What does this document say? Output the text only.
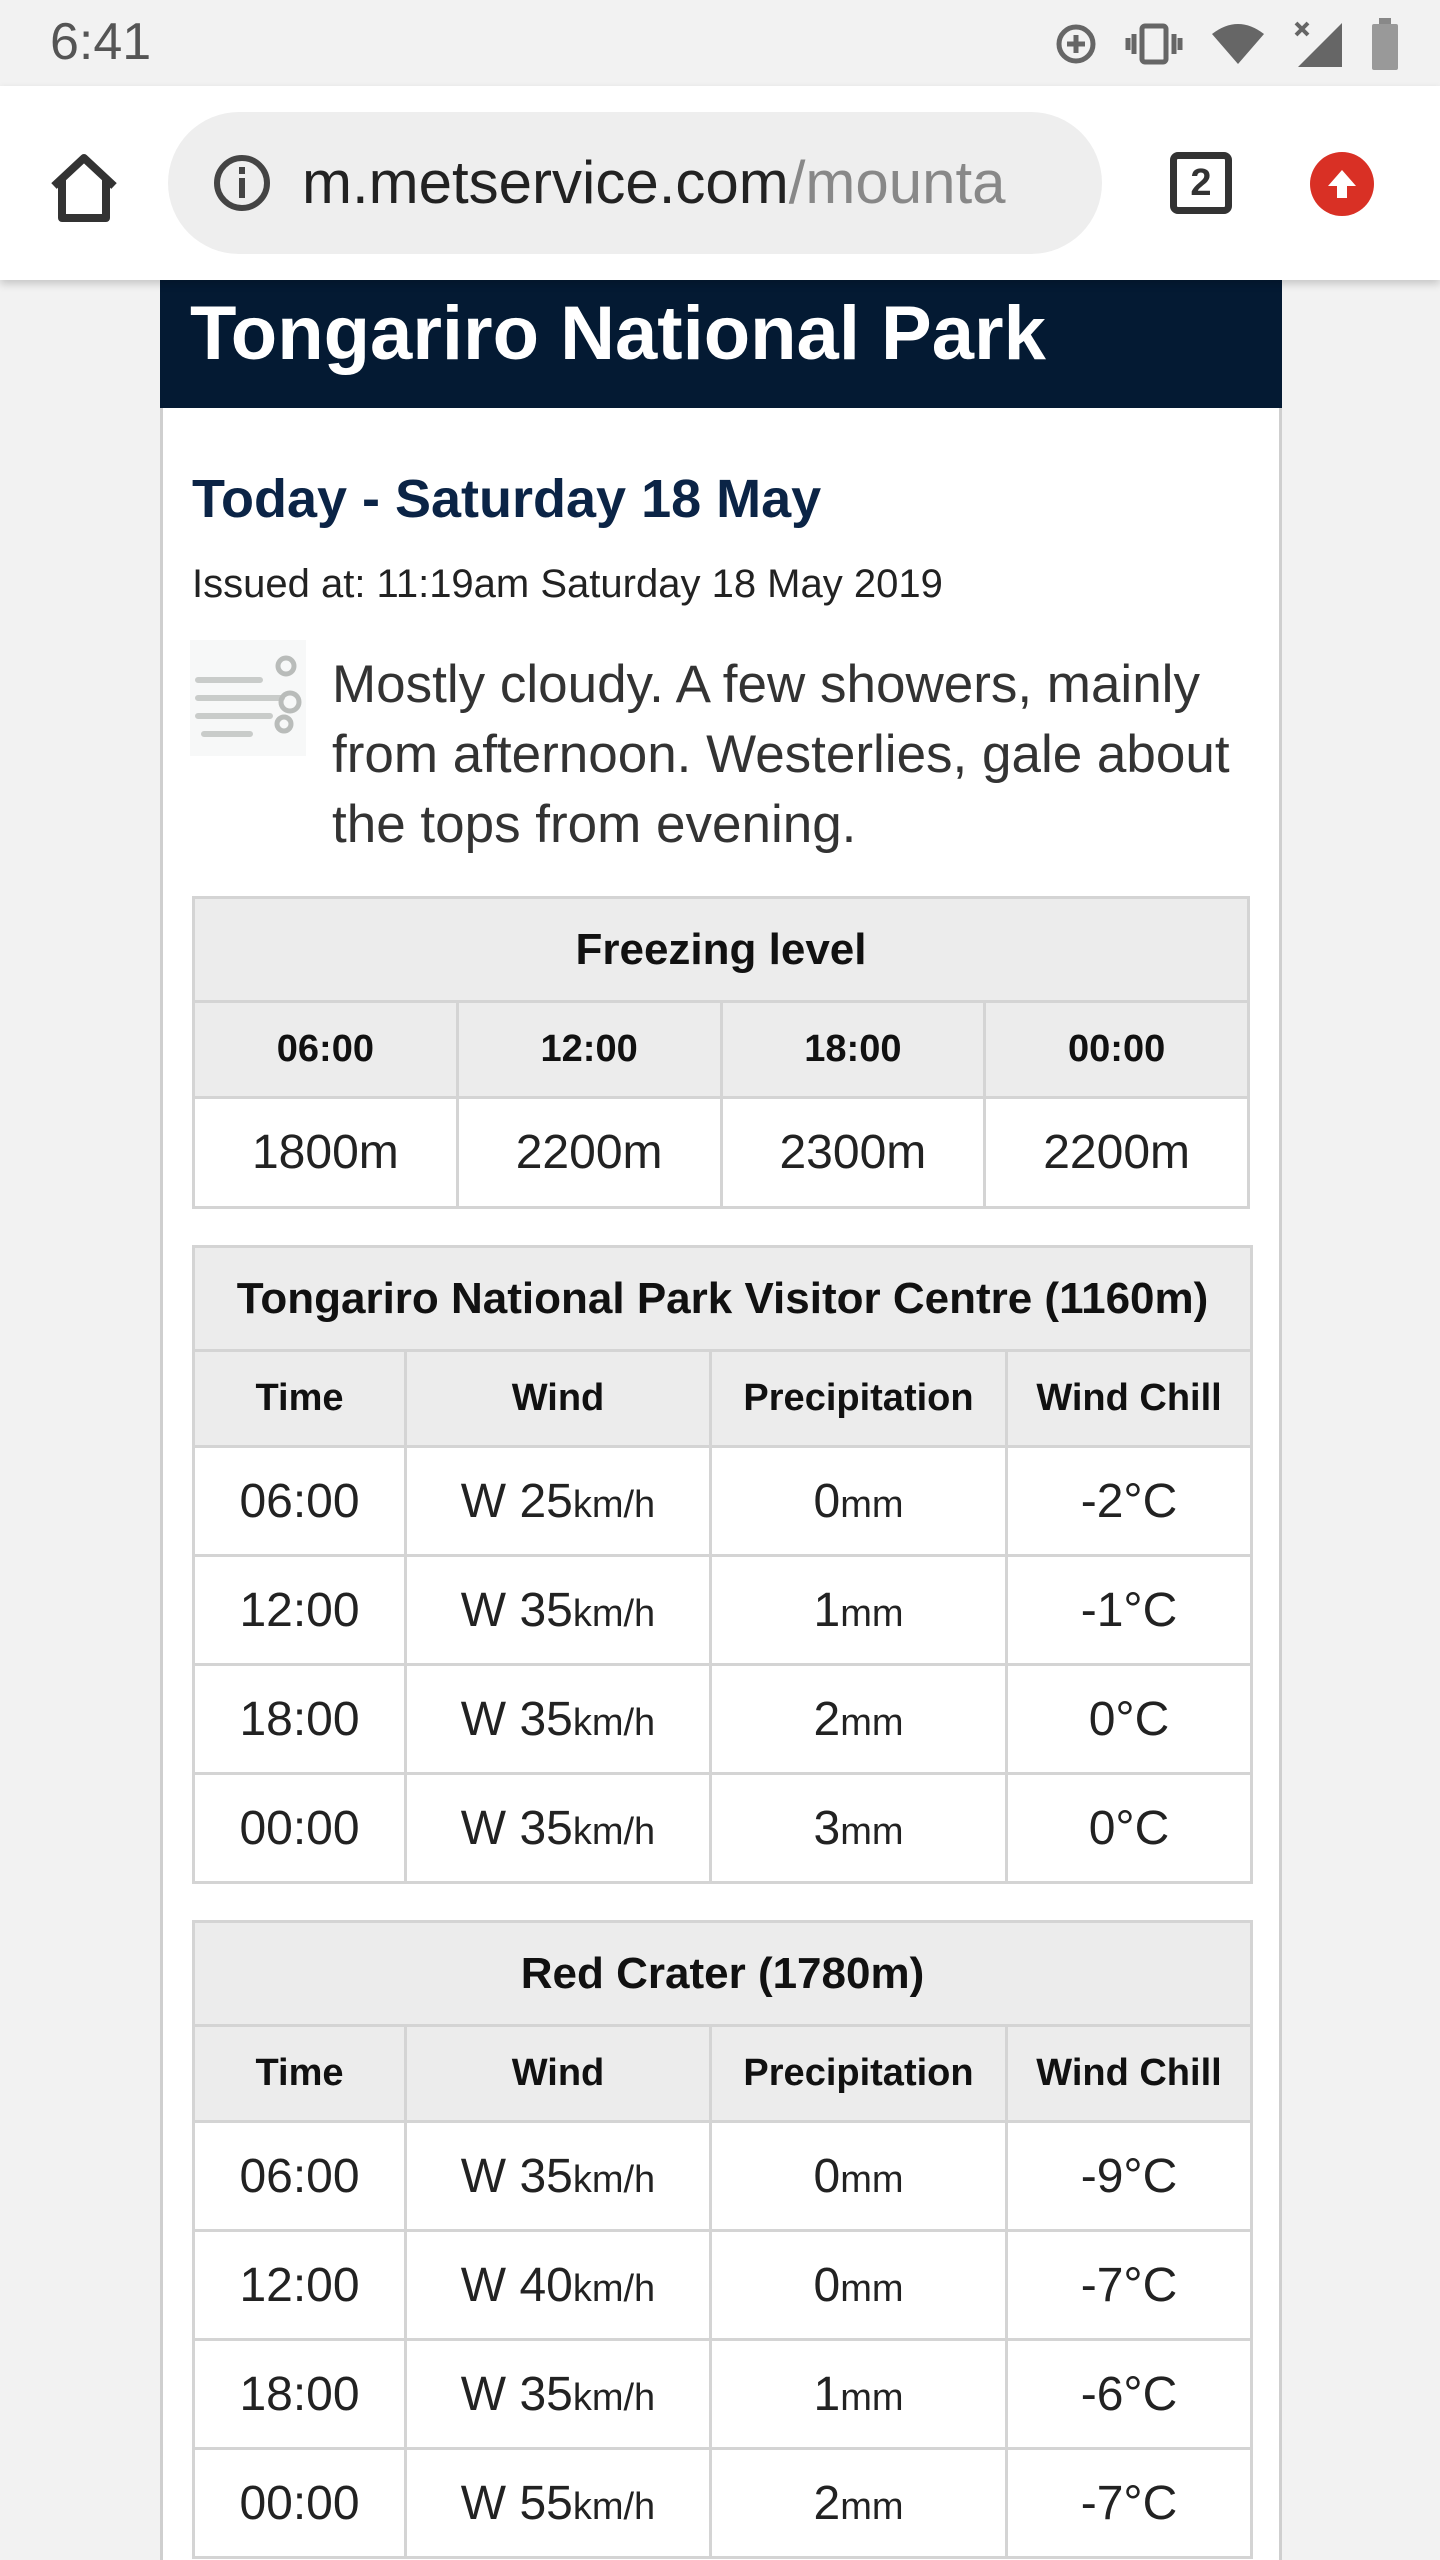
6:41
m.metservice.com/mounta	2
Tongariro National Park
Today - Saturday 18 May
Issued at: 11:19am Saturday 18 May 2019
Mostly cloudy. A few showers, mainly from afternoon. Westerlies, gale about the tops from evening.
Freezing level			
06:00	12:00	18:00	00:00
1800m	2200m	2300m	2200m
Tongariro National Park Visitor Centre (1160m)			
Time	Wind	Precipitation	Wind Chill
06:00	W 25km/h	0mm	-2°C
12:00	W 35km/h	1mm	-1°C
18:00	W 35km/h	2mm	0°C
00:00	W 35km/h	3mm	0°C
Red Crater (1780m)			
Time	Wind	Precipitation	Wind Chill
06:00	W 35km/h	0mm	-9°C
12:00	W 40km/h	0mm	-7°C
18:00	W 35km/h	1mm	-6°C
00:00	W 55km/h	2mm	-7°C
